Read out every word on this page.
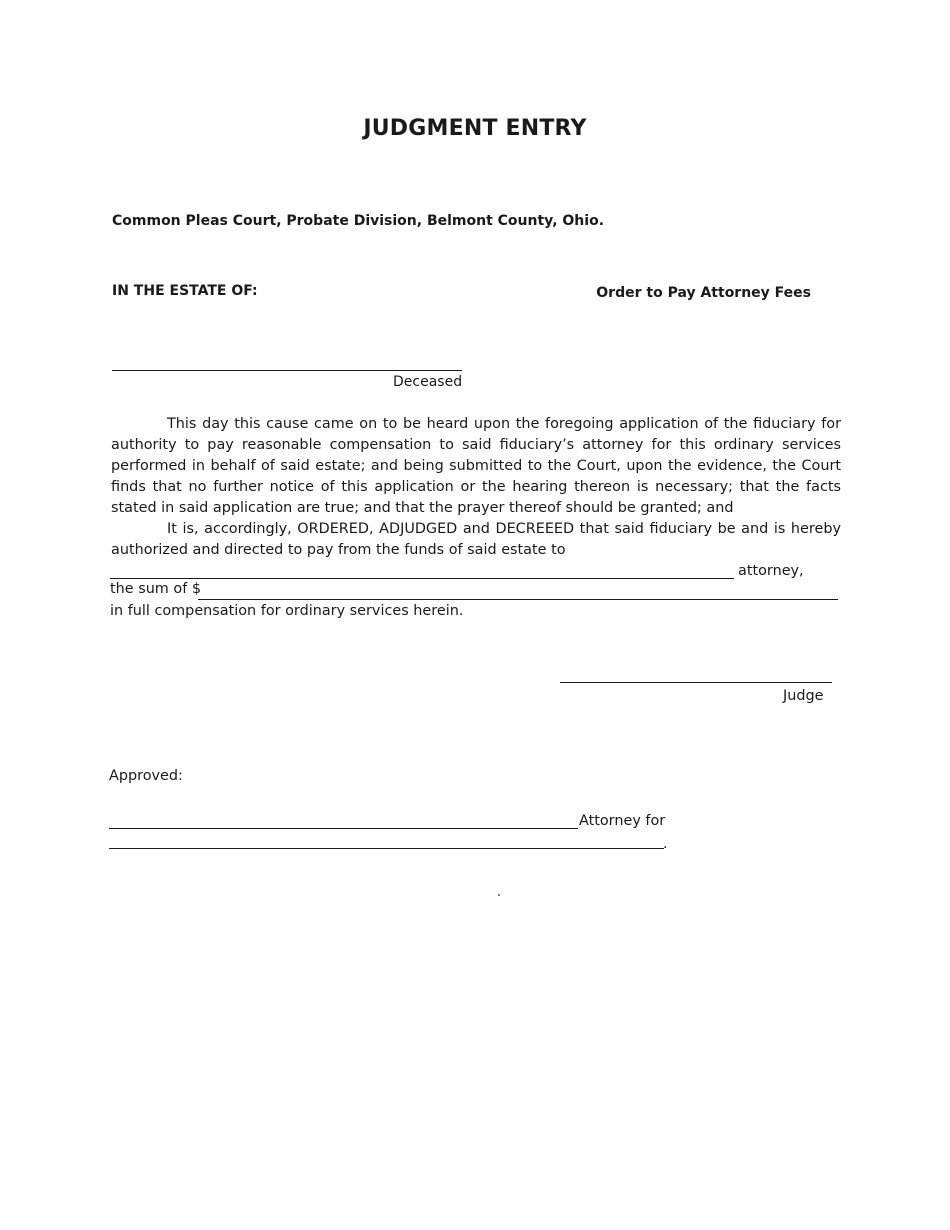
JUDGMENT ENTRY
Common Pleas Court, Probate Division, Belmont County, Ohio.
IN THE ESTATE OF:	Order to Pay Attorney Fees
Deceased

This day this cause came on to be heard upon the foregoing application of the fiduciary for authority to pay reasonable compensation to said fiduciary’s attorney for this ordinary services performed in behalf of said estate; and being submitted to the Court, upon the evidence, the Court finds that no further notice of this application or the hearing thereon is necessary; that the facts stated in said application are true; and that the prayer thereof should be granted; and

It is, accordingly, ORDERED, ADJUDGED and DECREEED that said fiduciary be and is hereby authorized and directed to pay from the funds of said estate to

attorney,
the sum of $
in full compensation for ordinary services herein.
Judge
Approved:
Attorney for
.
